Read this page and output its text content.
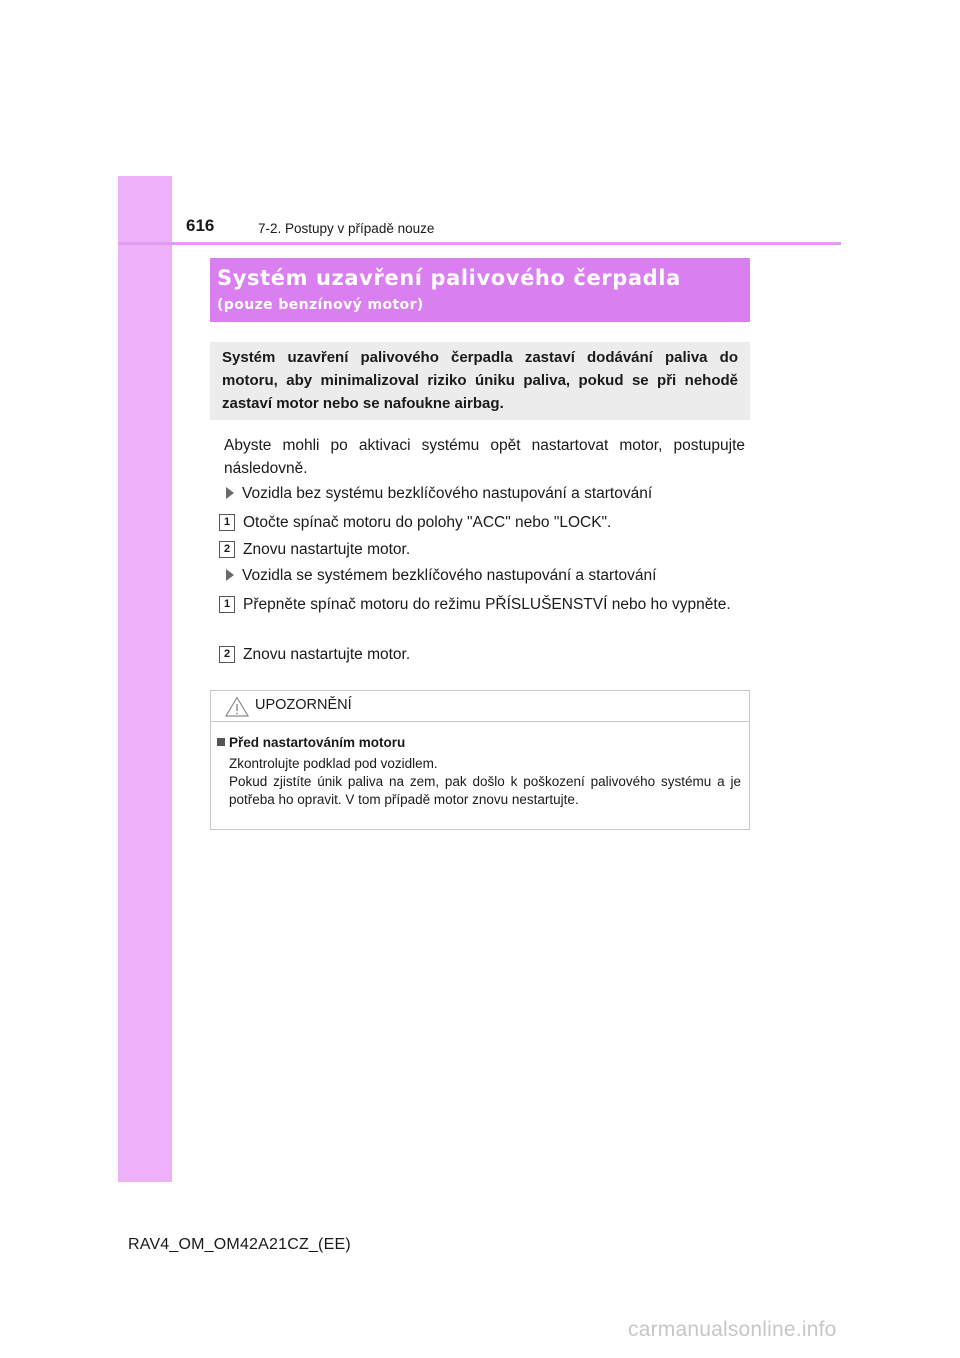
616	7-2. Postupy v případě nouze
Systém uzavření palivového čerpadla
(pouze benzínový motor)
Systém uzavření palivového čerpadla zastaví dodávání paliva do motoru, aby minimalizoval riziko úniku paliva, pokud se při nehodě zastaví motor nebo se nafoukne airbag.
Abyste mohli po aktivaci systému opět nastartovat motor, postupujte následovně.
Vozidla bez systému bezklíčového nastupování a startování
1 Otočte spínač motoru do polohy "ACC" nebo "LOCK".
2 Znovu nastartujte motor.
Vozidla se systémem bezklíčového nastupování a startování
1 Přepněte spínač motoru do režimu PŘÍSLUŠENSTVÍ nebo ho vypněte.
2 Znovu nastartujte motor.
UPOZORNĚNÍ
Před nastartováním motoru

Zkontrolujte podklad pod vozidlem.

Pokud zjistíte únik paliva na zem, pak došlo k poškození palivového systému a je potřeba ho opravit. V tom případě motor znovu nestartujte.

RAV4_OM_OM42A21CZ_(EE)
carmanualsonline.info
